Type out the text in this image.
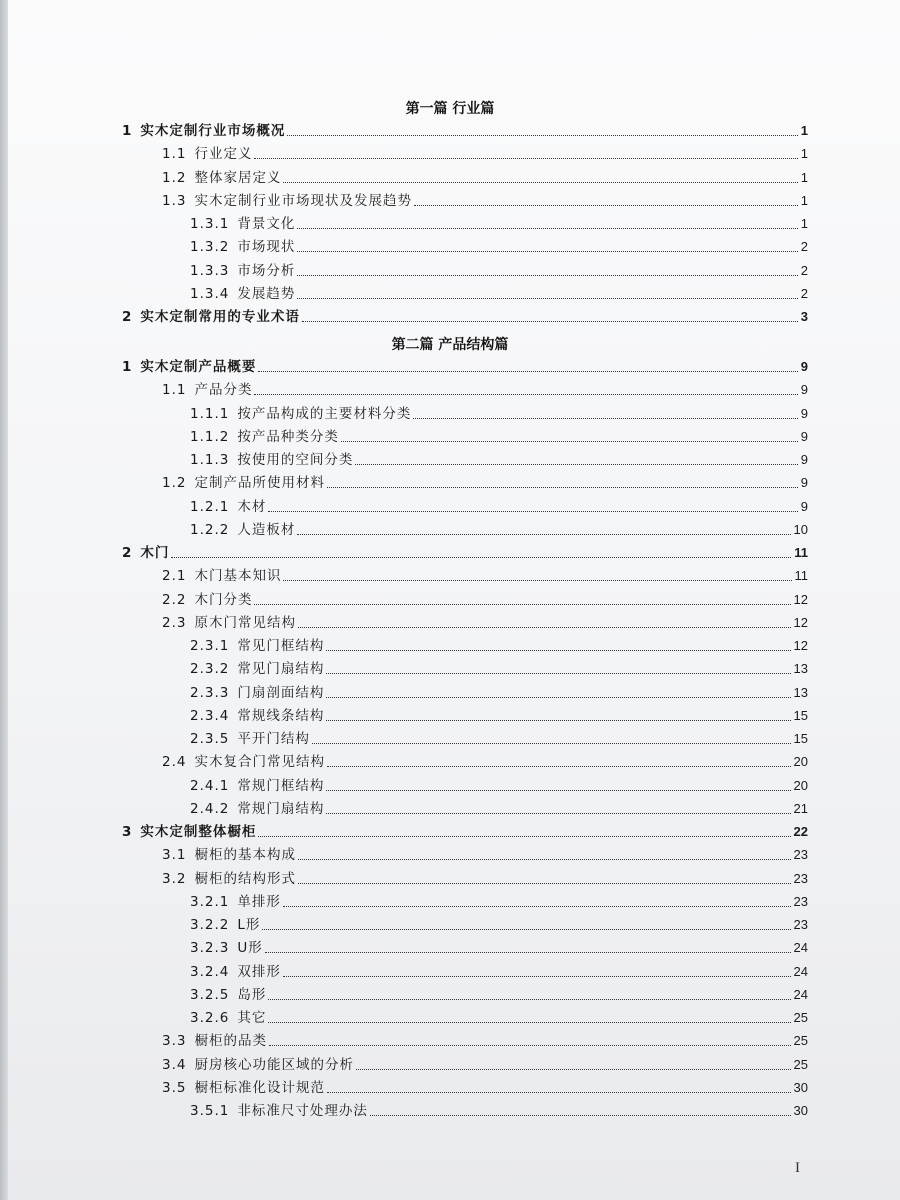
第一篇 行业篇
1 实木定制行业市场概况	1
1.1 行业定义	1
1.2 整体家居定义	1
1.3 实木定制行业市场现状及发展趋势	1
1.3.1 背景文化	1
1.3.2 市场现状	2
1.3.3 市场分析	2
1.3.4 发展趋势	2
2 实木定制常用的专业术语	3
第二篇 产品结构篇
1 实木定制产品概要	9
1.1 产品分类	9
1.1.1 按产品构成的主要材料分类	9
1.1.2 按产品种类分类	9
1.1.3 按使用的空间分类	9
1.2 定制产品所使用材料	9
1.2.1 木材	9
1.2.2 人造板材	10
2 木门	11
2.1 木门基本知识	11
2.2 木门分类	12
2.3 原木门常见结构	12
2.3.1 常见门框结构	12
2.3.2 常见门扇结构	13
2.3.3 门扇剖面结构	13
2.3.4 常规线条结构	15
2.3.5 平开门结构	15
2.4 实木复合门常见结构	20
2.4.1 常规门框结构	20
2.4.2 常规门扇结构	21
3 实木定制整体橱柜	22
3.1 橱柜的基本构成	23
3.2 橱柜的结构形式	23
3.2.1 单排形	23
3.2.2 L形	23
3.2.3 U形	24
3.2.4 双排形	24
3.2.5 岛形	24
3.2.6 其它	25
3.3 橱柜的品类	25
3.4 厨房核心功能区域的分析	25
3.5 橱柜标准化设计规范	30
3.5.1 非标准尺寸处理办法	30
I
